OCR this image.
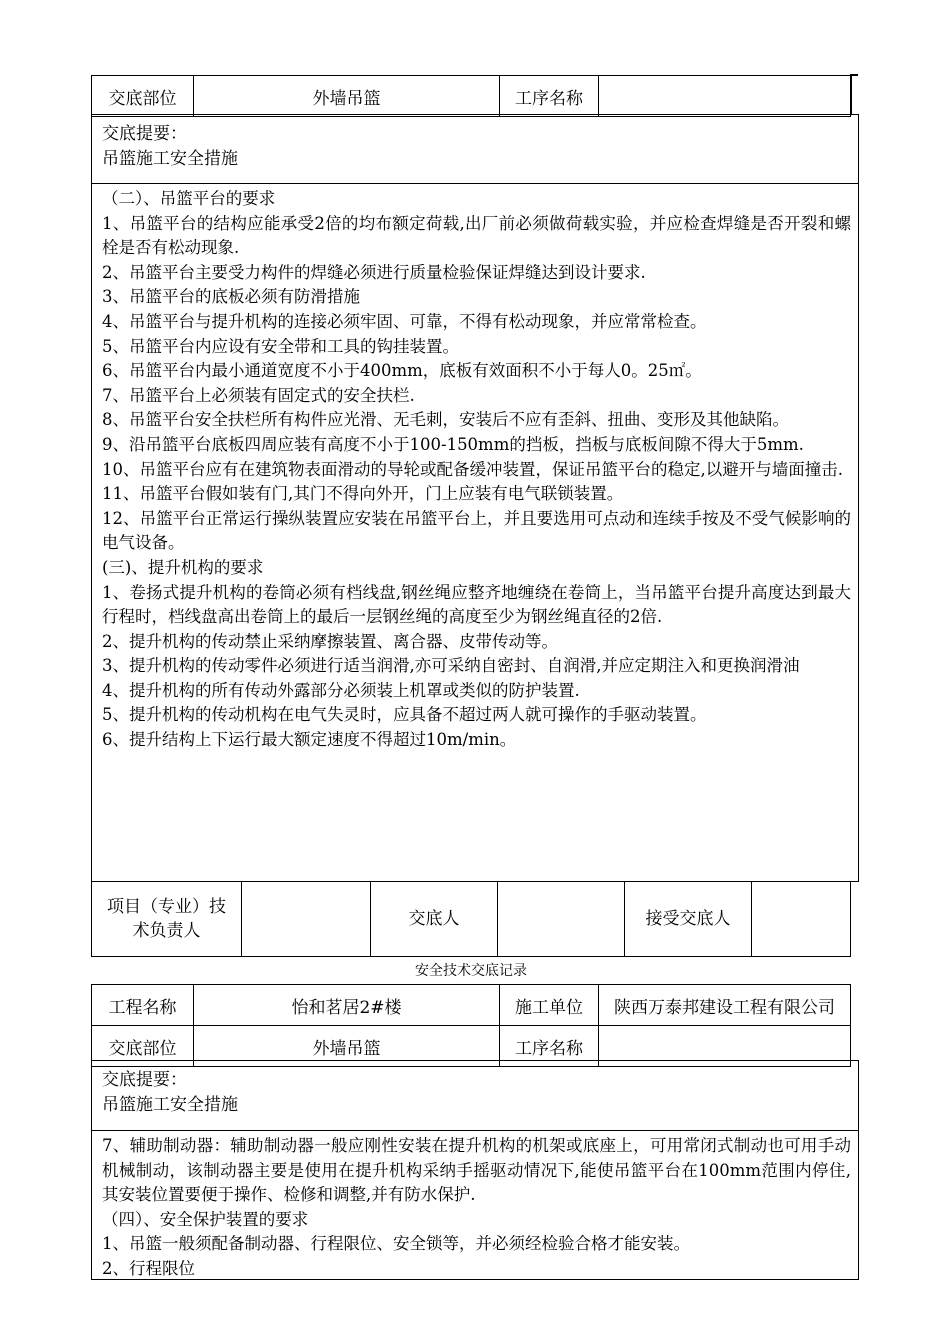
交底部位	外墙吊篮	工序名称	
交底提要：
吊篮施工安全措施

（二）、吊篮平台的要求

1、吊篮平台的结构应能承受2倍的均布额定荷载,出厂前必须做荷载实验，并应检查焊缝是否开裂和螺栓是否有松动现象.

2、吊篮平台主要受力构件的焊缝必须进行质量检验保证焊缝达到设计要求.

3、吊篮平台的底板必须有防滑措施

4、吊篮平台与提升机构的连接必须牢固、可靠，不得有松动现象，并应常常检查。

5、吊篮平台内应设有安全带和工具的钩挂装置。

6、吊篮平台内最小通道宽度不小于400mm，底板有效面积不小于每人0。25㎡。

7、吊篮平台上必须装有固定式的安全扶栏.

8、吊篮平台安全扶栏所有构件应光滑、无毛刺，安装后不应有歪斜、扭曲、变形及其他缺陷。

9、沿吊篮平台底板四周应装有高度不小于100-150mm的挡板，挡板与底板间隙不得大于5mm.

10、吊篮平台应有在建筑物表面滑动的导轮或配备缓冲装置，保证吊篮平台的稳定,以避开与墙面撞击.

11、吊篮平台假如装有门,其门不得向外开，门上应装有电气联锁装置。

12、吊篮平台正常运行操纵装置应安装在吊篮平台上，并且要选用可点动和连续手按及不受气候影响的电气设备。

(三)、提升机构的要求

1、卷扬式提升机构的卷筒必须有档线盘,钢丝绳应整齐地缠绕在卷筒上，当吊篮平台提升高度达到最大行程时，档线盘高出卷筒上的最后一层钢丝绳的高度至少为钢丝绳直径的2倍.

2、提升机构的传动禁止采纳摩擦装置、离合器、皮带传动等。

3、提升机构的传动零件必须进行适当润滑,亦可采纳自密封、自润滑,并应定期注入和更换润滑油

4、提升机构的所有传动外露部分必须装上机罩或类似的防护装置.

5、提升机构的传动机构在电气失灵时，应具备不超过两人就可操作的手驱动装置。

6、提升结构上下运行最大额定速度不得超过10m/min。

项目（专业）技术负责人		交底人		接受交底人	
安全技术交底记录
工程名称	怡和茗居2#楼	施工单位	陕西万泰邦建设工程有限公司
交底部位	外墙吊篮	工序名称	
交底提要：
吊篮施工安全措施

7、辅助制动器：辅助制动器一般应刚性安装在提升机构的机架或底座上，可用常闭式制动也可用手动机械制动，该制动器主要是使用在提升机构采纳手摇驱动情况下,能使吊篮平台在100mm范围内停住,其安装位置要便于操作、检修和调整,并有防水保护.

（四）、安全保护装置的要求

1、吊篮一般须配备制动器、行程限位、安全锁等，并必须经检验合格才能安装。

2、行程限位
